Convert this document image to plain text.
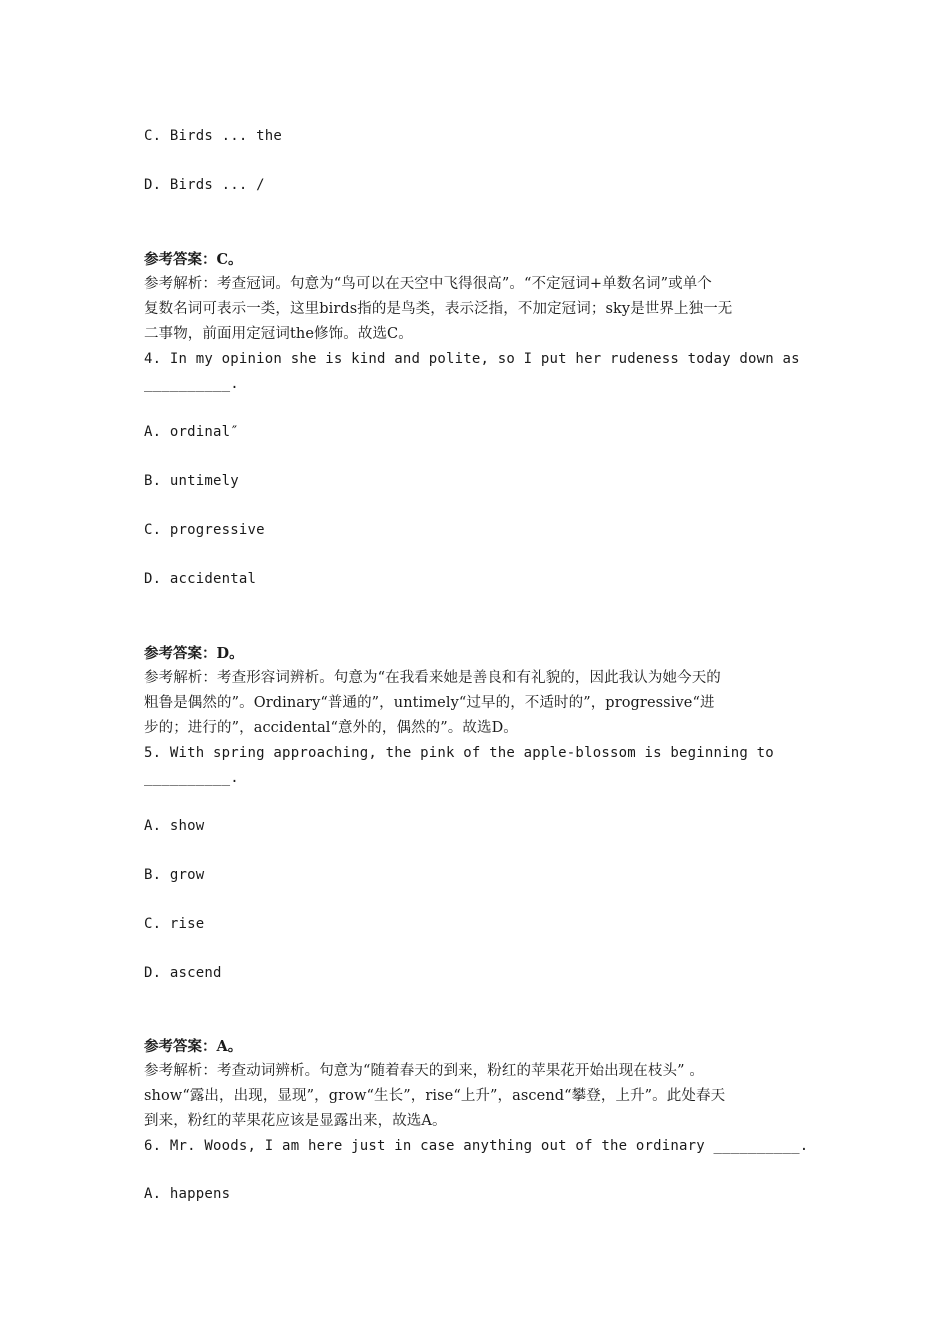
C. Birds ... the
D. Birds ... /
参考答案：C。
参考解析：考查冠词。句意为“鸟可以在天空中飞得很高”。“不定冠词+单数名词”或单个
复数名词可表示一类，这里birds指的是鸟类，表示泛指，不加定冠词；sky是世界上独一无
二事物，前面用定冠词the修饰。故选C。
4. In my opinion she is kind and polite, so I put her rudeness today down as
__________.
A. ordinal″
B. untimely
C. progressive
D. accidental
参考答案：D。
参考解析：考查形容词辨析。句意为“在我看来她是善良和有礼貌的，因此我认为她今天的
粗鲁是偶然的”。Ordinary“普通的”，untimely“过早的，不适时的”，progressive“进
步的；进行的”，accidental“意外的，偶然的”。故选D。
5. With spring approaching, the pink of the apple-blossom is beginning to
__________.
A. show
B. grow
C. rise
D. ascend
参考答案：A。
参考解析：考查动词辨析。句意为“随着春天的到来，粉红的苹果花开始出现在枝头” 。
show“露出，出现，显现”，grow“生长”，rise“上升”，ascend“攀登，上升”。此处春天
到来，粉红的苹果花应该是显露出来，故选A。
6. Mr. Woods, I am here just in case anything out of the ordinary __________.
A. happens
